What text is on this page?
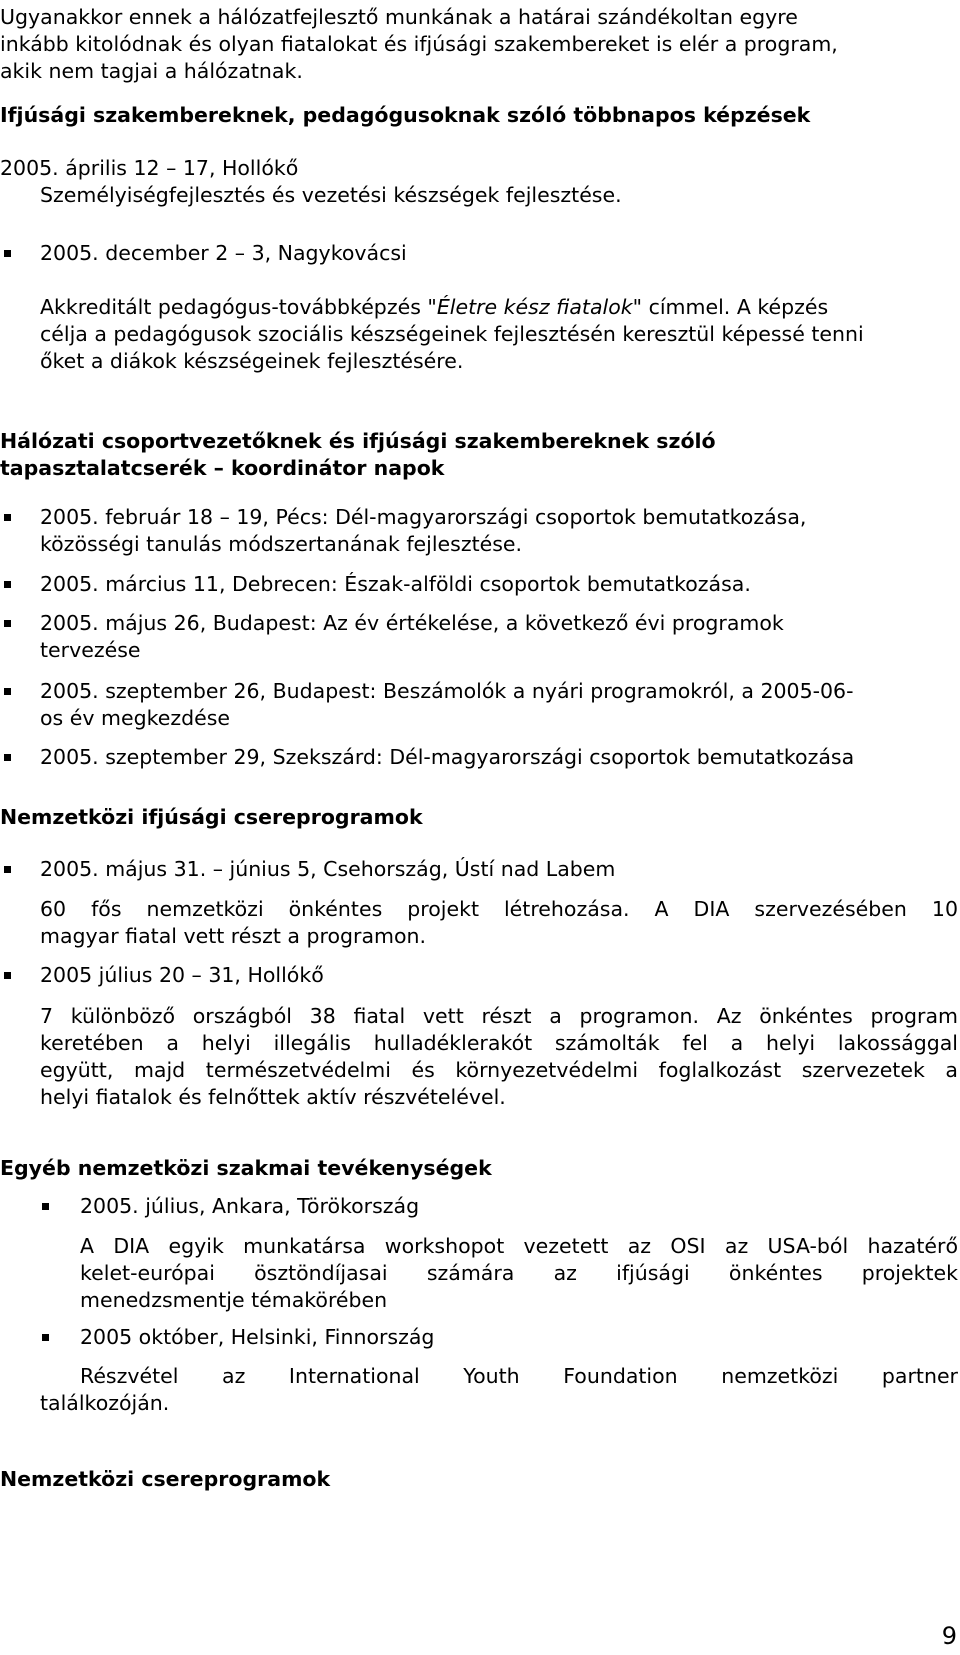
Ugyanakkor ennek a hálózatfejlesztő munkának a határai szándékoltan egyre
inkább kitolódnak és olyan fiatalokat és ifjúsági szakembereket is elér a program,
akik nem tagjai a hálózatnak.
Ifjúsági szakembereknek, pedagógusoknak szóló többnapos képzések
2005. április 12 – 17, Hollókő
Személyiségfejlesztés és vezetési készségek fejlesztése.
2005. december 2 – 3, Nagykovácsi
Akkreditált pedagógus-továbbképzés "Életre kész fiatalok" címmel. A képzés
célja a pedagógusok szociális készségeinek fejlesztésén keresztül képessé tenni
őket a diákok készségeinek fejlesztésére.
Hálózati csoportvezetőknek és ifjúsági szakembereknek szóló
tapasztalatcserék – koordinátor napok
2005. február 18 – 19, Pécs: Dél-magyarországi csoportok bemutatkozása,
közösségi tanulás módszertanának fejlesztése.
2005. március 11, Debrecen: Észak-alföldi csoportok bemutatkozása.
2005. május 26, Budapest: Az év értékelése, a következő évi programok
tervezése
2005. szeptember 26, Budapest: Beszámolók a nyári programokról, a 2005-06-
os év megkezdése
2005. szeptember 29, Szekszárd: Dél-magyarországi csoportok bemutatkozása
Nemzetközi ifjúsági csereprogramok
2005. május 31. – június 5, Csehország, Ústí nad Labem
60 fős nemzetközi önkéntes projekt létrehozása. A DIA szervezésében 10
magyar fiatal vett részt a programon.
2005 július 20 – 31, Hollókő
7 különböző országból 38 fiatal vett részt a programon. Az önkéntes program
keretében a helyi illegális hulladéklerakót számolták fel a helyi lakossággal
együtt, majd természetvédelmi és környezetvédelmi foglalkozást szervezetek a
helyi fiatalok és felnőttek aktív részvételével.
Egyéb nemzetközi szakmai tevékenységek
2005. július, Ankara, Törökország
A DIA egyik munkatársa workshopot vezetett az OSI az USA-ból hazatérő
kelet-európai ösztöndíjasai számára az ifjúsági önkéntes projektek
menedzsmentje témakörében
2005 október, Helsinki, Finnország
Részvétel az International Youth Foundation nemzetközi partner
találkozóján.
Nemzetközi csereprogramok
9
